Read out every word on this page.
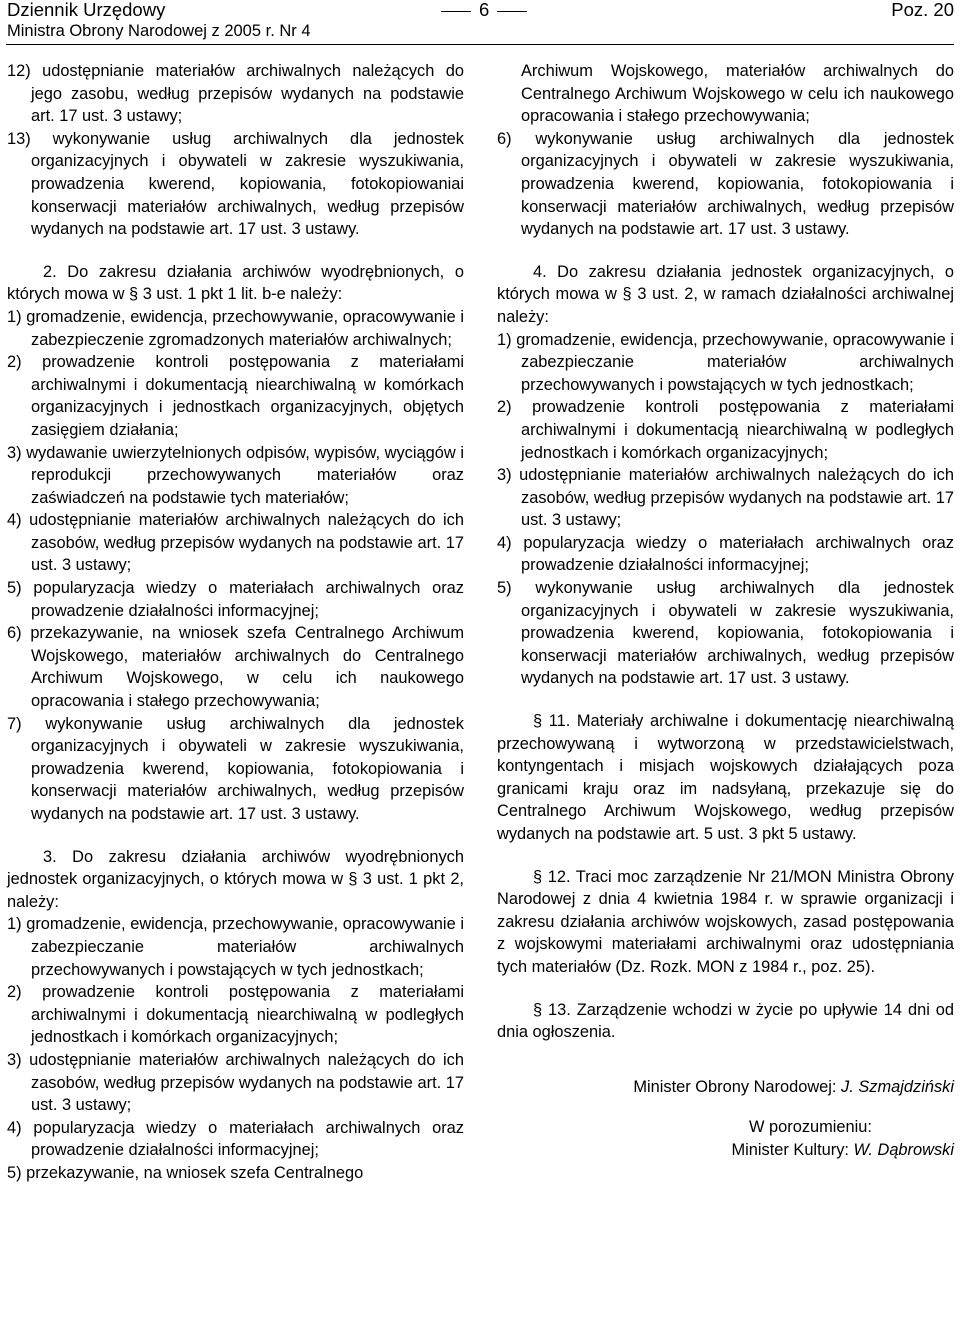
Dziennik Urzędowy
Ministra Obrony Narodowej z 2005 r. Nr 4
6	Poz. 20

12) udostępnianie materiałów archiwalnych należących do jego zasobu, według przepisów wydanych na podstawie art. 17 ust. 3 ustawy;

13) wykonywanie usług archiwalnych dla jednostek organizacyjnych i obywateli w zakresie wyszukiwania, prowadzenia kwerend, kopiowania, fotokopiowaniai konserwacji materiałów archiwalnych, według przepisów wydanych na podstawie art. 17 ust. 3 ustawy.

2. Do zakresu działania archiwów wyodrębnionych, o których mowa w § 3 ust. 1 pkt 1 lit. b-e należy:

1) gromadzenie, ewidencja, przechowywanie, opracowywanie i zabezpieczenie zgromadzonych materiałów archiwalnych;

2) prowadzenie kontroli postępowania z materiałami archiwalnymi i dokumentacją niearchiwalną w komórkach organizacyjnych i jednostkach organizacyjnych, objętych zasięgiem działania;

3) wydawanie uwierzytelnionych odpisów, wypisów, wyciągów i reprodukcji przechowywanych materiałów oraz zaświadczeń na podstawie tych materiałów;

4) udostępnianie materiałów archiwalnych należących do ich zasobów, według przepisów wydanych na podstawie art. 17 ust. 3 ustawy;

5) popularyzacja wiedzy o materiałach archiwalnych oraz prowadzenie działalności informacyjnej;

6) przekazywanie, na wniosek szefa Centralnego Archiwum Wojskowego, materiałów archiwalnych do Centralnego Archiwum Wojskowego, w celu ich naukowego opracowania i stałego przechowywania;

7) wykonywanie usług archiwalnych dla jednostek organizacyjnych i obywateli w zakresie wyszukiwania, prowadzenia kwerend, kopiowania, fotokopiowania i konserwacji materiałów archiwalnych, według przepisów wydanych na podstawie art. 17 ust. 3 ustawy.

3. Do zakresu działania archiwów wyodrębnionych jednostek organizacyjnych, o których mowa w § 3 ust. 1 pkt 2, należy:

1) gromadzenie, ewidencja, przechowywanie, opracowywanie i zabezpieczanie materiałów archiwalnych przechowywanych i powstających w tych jednostkach;

2) prowadzenie kontroli postępowania z materiałami archiwalnymi i dokumentacją niearchiwalną w podległych jednostkach i komórkach organizacyjnych;

3) udostępnianie materiałów archiwalnych należących do ich zasobów, według przepisów wydanych na podstawie art. 17 ust. 3 ustawy;

4) popularyzacja wiedzy o materiałach archiwalnych oraz prowadzenie działalności informacyjnej;

5) przekazywanie, na wniosek szefa Centralnego

Archiwum Wojskowego, materiałów archiwalnych do Centralnego Archiwum Wojskowego w celu ich naukowego opracowania i stałego przechowywania;

6) wykonywanie usług archiwalnych dla jednostek organizacyjnych i obywateli w zakresie wyszukiwania, prowadzenia kwerend, kopiowania, fotokopiowania i konserwacji materiałów archiwalnych, według przepisów wydanych na podstawie art. 17 ust. 3 ustawy.

4. Do zakresu działania jednostek organizacyjnych, o których mowa w § 3 ust. 2, w ramach działalności archiwalnej należy:

1) gromadzenie, ewidencja, przechowywanie, opracowywanie i zabezpieczanie materiałów archiwalnych przechowywanych i powstających w tych jednostkach;

2) prowadzenie kontroli postępowania z materiałami archiwalnymi i dokumentacją niearchiwalną w podległych jednostkach i komórkach organizacyjnych;

3) udostępnianie materiałów archiwalnych należących do ich zasobów, według przepisów wydanych na podstawie art. 17 ust. 3 ustawy;

4) popularyzacja wiedzy o materiałach archiwalnych oraz prowadzenie działalności informacyjnej;

5) wykonywanie usług archiwalnych dla jednostek organizacyjnych i obywateli w zakresie wyszukiwania, prowadzenia kwerend, kopiowania, fotokopiowania i konserwacji materiałów archiwalnych, według przepisów wydanych na podstawie art. 17 ust. 3 ustawy.

§ 11. Materiały archiwalne i dokumentację niearchiwalną przechowywaną i wytworzoną w przedstawicielstwach, kontyngentach i misjach wojskowych działających poza granicami kraju oraz im nadsyłaną, przekazuje się do Centralnego Archiwum Wojskowego, według przepisów wydanych na podstawie art. 5 ust. 3 pkt 5 ustawy.

§ 12. Traci moc zarządzenie Nr 21/MON Ministra Obrony Narodowej z dnia 4 kwietnia 1984 r. w sprawie organizacji i zakresu działania archiwów wojskowych, zasad postępowania z wojskowymi materiałami archiwalnymi oraz udostępniania tych materiałów (Dz. Rozk. MON z 1984 r., poz. 25).

§ 13. Zarządzenie wchodzi w życie po upływie 14 dni od dnia ogłoszenia.

Minister Obrony Narodowej: J. Szmajdziński

W porozumieniu:

Minister Kultury: W. Dąbrowski
